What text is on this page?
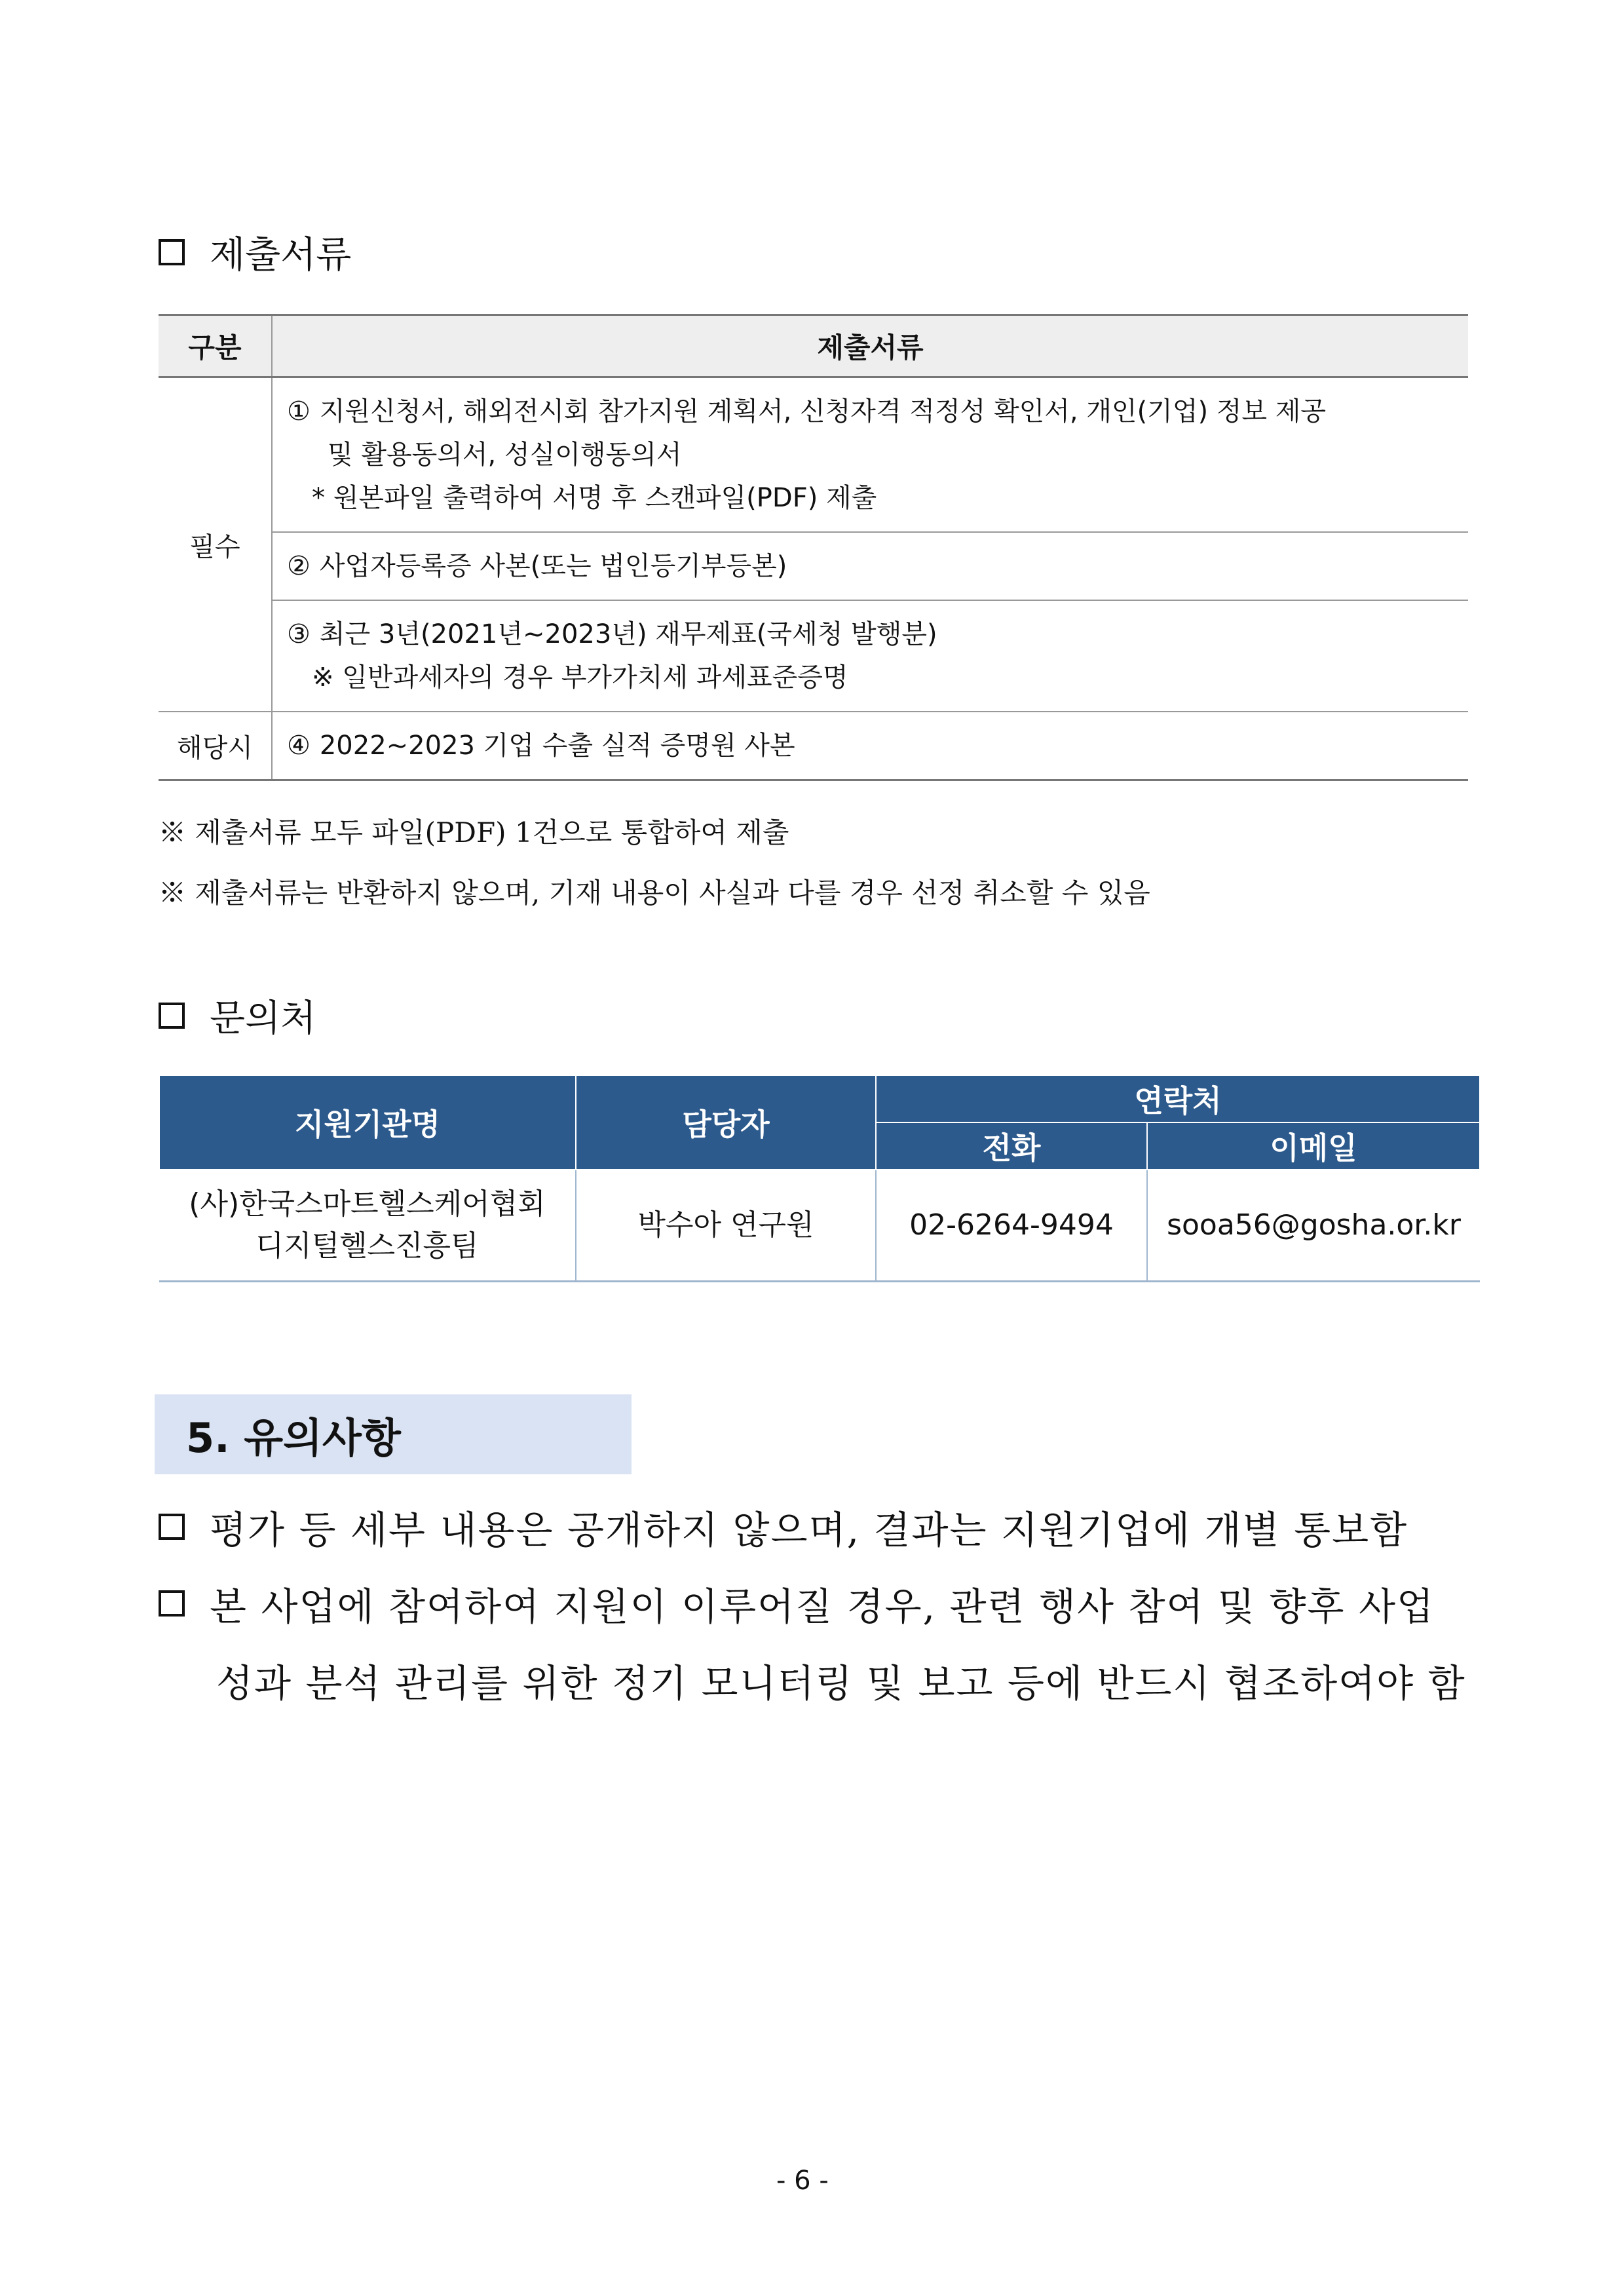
제출서류
구분	제출서류
필수	① 지원신청서, 해외전시회 참가지원 계획서, 신청자격 적정성 확인서, 개인(기업) 정보 제공
및 활용동의서, 성실이행동의서
* 원본파일 출력하여 서명 후 스캔파일(PDF) 제출

	② 사업자등록증 사본(또는 법인등기부등본)

	③ 최근 3년(2021년~2023년) 재무제표(국세청 발행분)
※ 일반과세자의 경우 부가가치세 과세표준증명

해당시	④ 2022~2023 기업 수출 실적 증명원 사본
※ 제출서류 모두 파일(PDF) 1건으로 통합하여 제출
※ 제출서류는 반환하지 않으며, 기재 내용이 사실과 다를 경우 선정 취소할 수 있음
문의처
지원기관명	담당자	연락처	
		전화	이메일

(사)한국스마트헬스케어협회
디지털헬스진흥팀	박수아 연구원	02-6264-9494	sooa56@gosha.or.kr
5. 유의사항
평가 등 세부 내용은 공개하지 않으며, 결과는 지원기업에 개별 통보함
본 사업에 참여하여 지원이 이루어질 경우, 관련 행사 참여 및 향후 사업
성과 분석 관리를 위한 정기 모니터링 및 보고 등에 반드시 협조하여야 함
- 6 -
